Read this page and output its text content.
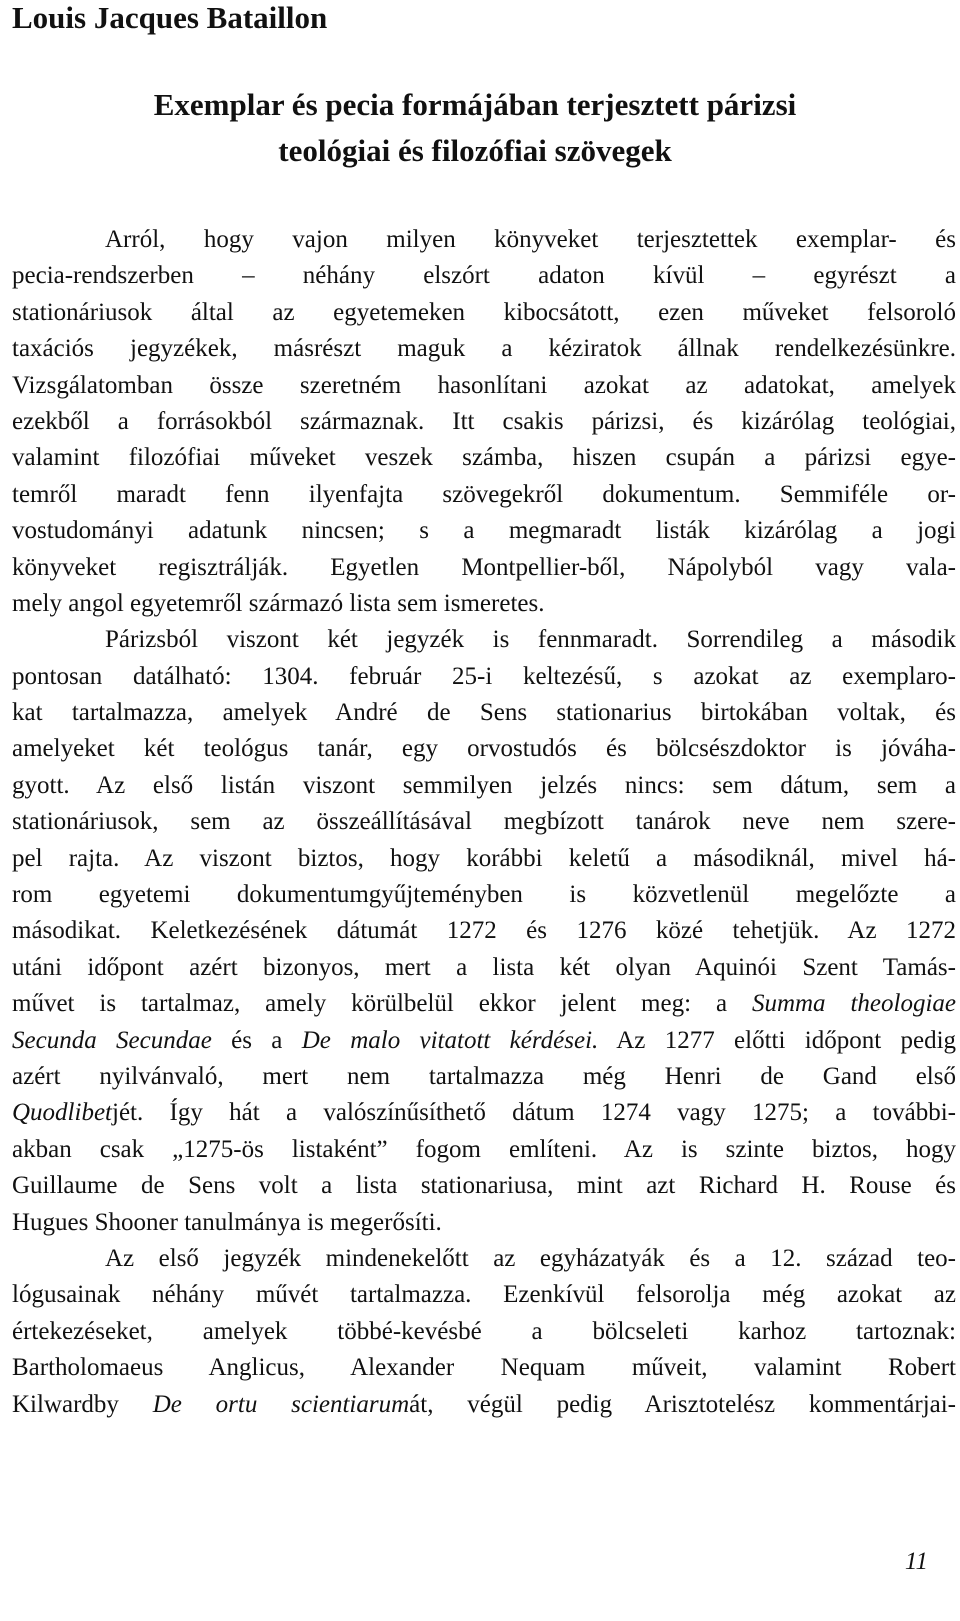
Louis Jacques Bataillon
Exemplar és pecia formájában terjesztett párizsi
teológiai és filozófiai szövegek
Arról, hogy vajon milyen könyveket terjesztettek exemplar- és
pecia-rendszerben – néhány elszórt adaton kívül – egyrészt a
stationáriusok által az egyetemeken kibocsátott, ezen műveket felsoroló
taxációs jegyzékek, másrészt maguk a kéziratok állnak rendelkezésünkre.
Vizsgálatomban össze szeretném hasonlítani azokat az adatokat, amelyek
ezekből a forrásokból származnak. Itt csakis párizsi, és kizárólag teológiai,
valamint filozófiai műveket veszek számba, hiszen csupán a párizsi egye-
temről maradt fenn ilyenfajta szövegekről dokumentum. Semmiféle or-
vostudományi adatunk nincsen; s a megmaradt listák kizárólag a jogi
könyveket regisztrálják. Egyetlen Montpellier-ből, Nápolyból vagy vala-
mely angol egyetemről származó lista sem ismeretes.
Párizsból viszont két jegyzék is fennmaradt. Sorrendileg a második
pontosan datálható: 1304. február 25-i keltezésű, s azokat az exemplaro-
kat tartalmazza, amelyek André de Sens stationarius birtokában voltak, és
amelyeket két teológus tanár, egy orvostudós és bölcsészdoktor is jóváha-
gyott. Az első listán viszont semmilyen jelzés nincs: sem dátum, sem a
stationáriusok, sem az összeállításával megbízott tanárok neve nem szere-
pel rajta. Az viszont biztos, hogy korábbi keletű a másodiknál, mivel há-
rom egyetemi dokumentumgyűjteményben is közvetlenül megelőzte a
másodikat. Keletkezésének dátumát 1272 és 1276 közé tehetjük. Az 1272
utáni időpont azért bizonyos, mert a lista két olyan Aquinói Szent Tamás-
művet is tartalmaz, amely körülbelül ekkor jelent meg: a Summa theologiae
Secunda Secundae és a De malo vitatott kérdései. Az 1277 előtti időpont pedig
azért nyilvánvaló, mert nem tartalmazza még Henri de Gand első
Quodlibetjét. Így hát a valószínűsíthető dátum 1274 vagy 1275; a további-
akban csak „1275-ös listaként” fogom említeni. Az is szinte biztos, hogy
Guillaume de Sens volt a lista stationariusa, mint azt Richard H. Rouse és
Hugues Shooner tanulmánya is megerősíti.
Az első jegyzék mindenekelőtt az egyházatyák és a 12. század teo-
lógusainak néhány művét tartalmazza. Ezenkívül felsorolja még azokat az
értekezéseket, amelyek többé-kevésbé a bölcseleti karhoz tartoznak:
Bartholomaeus Anglicus, Alexander Nequam műveit, valamint Robert
Kilwardby De ortu scientiarumát, végül pedig Arisztotelész kommentárjai-
11
